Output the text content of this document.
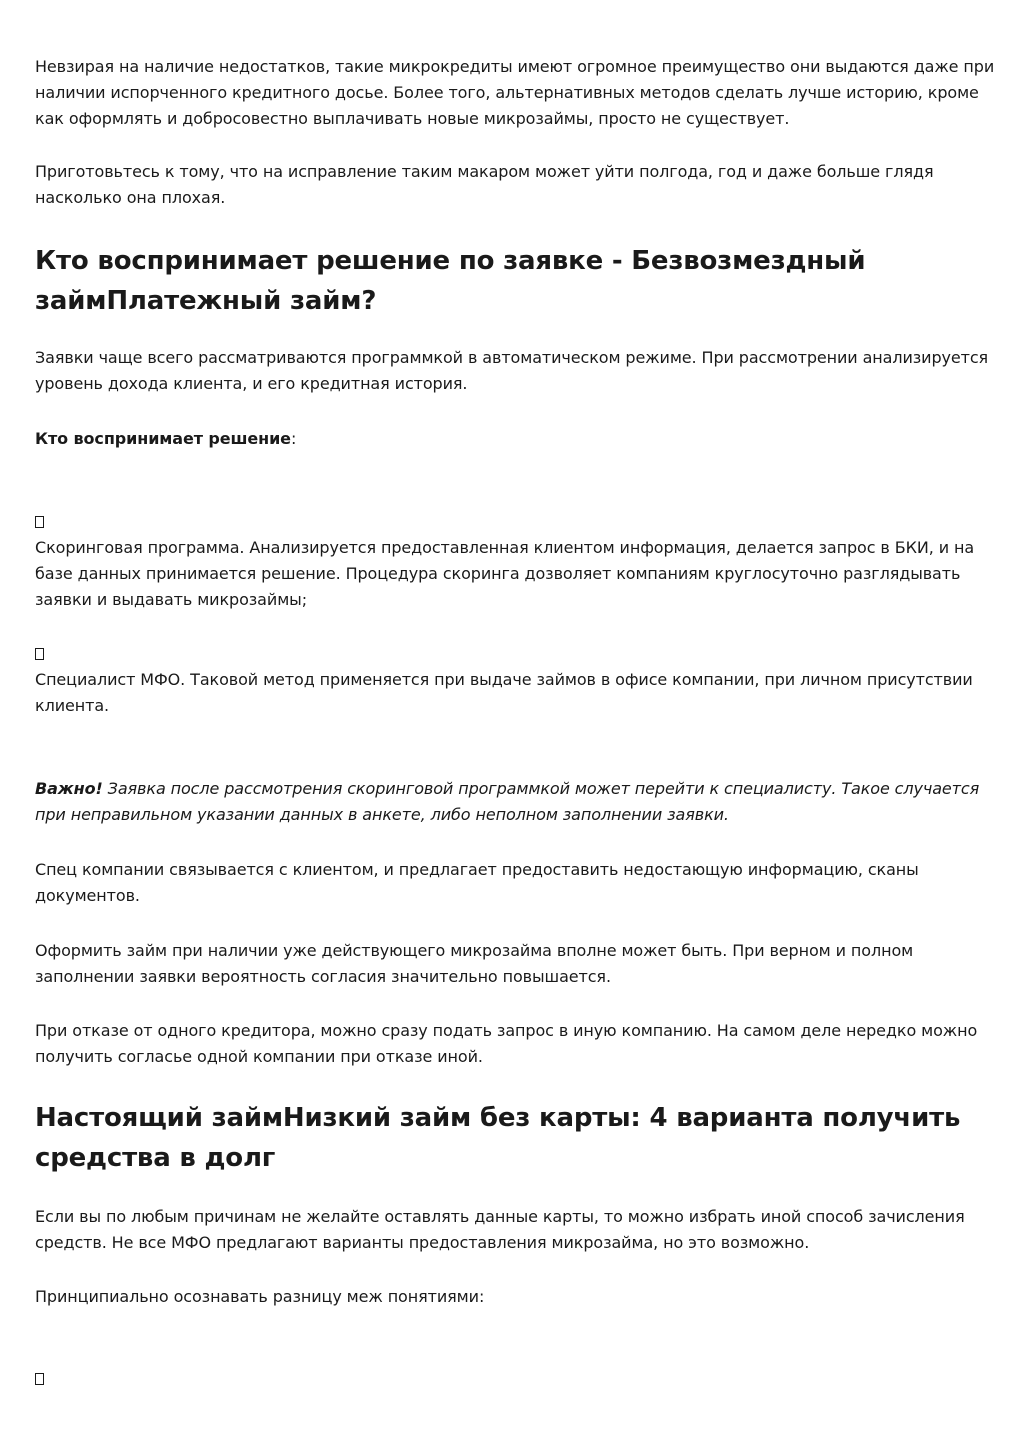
Невзирая на наличие недостатков, такие микрокредиты имеют огромное преимущество они выдаются даже при наличии испорченного кредитного досье. Более того, альтернативных методов сделать лучше историю, кроме как оформлять и добросовестно выплачивать новые микрозаймы, просто не существует.

Приготовьтесь к тому, что на исправление таким макаром может уйти полгода, год и даже больше глядя насколько она плохая.

Кто воспринимает решение по заявке - Безвозмездный займПлатежный займ?

Заявки чаще всего рассматриваются программкой в автоматическом режиме. При рассмотрении анализируется уровень дохода клиента, и его кредитная история.

Кто воспринимает решение:

Скоринговая программа. Анализируется предоставленная клиентом информация, делается запрос в БКИ, и на базе данных принимается решение. Процедура скоринга дозволяет компаниям круглосуточно разглядывать заявки и выдавать микрозаймы;

Специалист МФО. Таковой метод применяется при выдаче займов в офисе компании, при личном присутствии клиента.

Важно! Заявка после рассмотрения скоринговой программкой может перейти к специалисту. Такое случается при неправильном указании данных в анкете, либо неполном заполнении заявки.

Спец компании связывается с клиентом, и предлагает предоставить недостающую информацию, сканы документов.

Оформить займ при наличии уже действующего микрозайма вполне может быть. При верном и полном заполнении заявки вероятность согласия значительно повышается.

При отказе от одного кредитора, можно сразу подать запрос в иную компанию. На самом деле нередко можно получить согласье одной компании при отказе иной.

Настоящий займНизкий займ без карты: 4 варианта получить средства в долг

Если вы по любым причинам не желайте оставлять данные карты, то можно избрать иной способ зачисления средств. Не все МФО предлагают варианты предоставления микрозайма, но это возможно.

Принципиально осознавать разницу меж понятиями:
